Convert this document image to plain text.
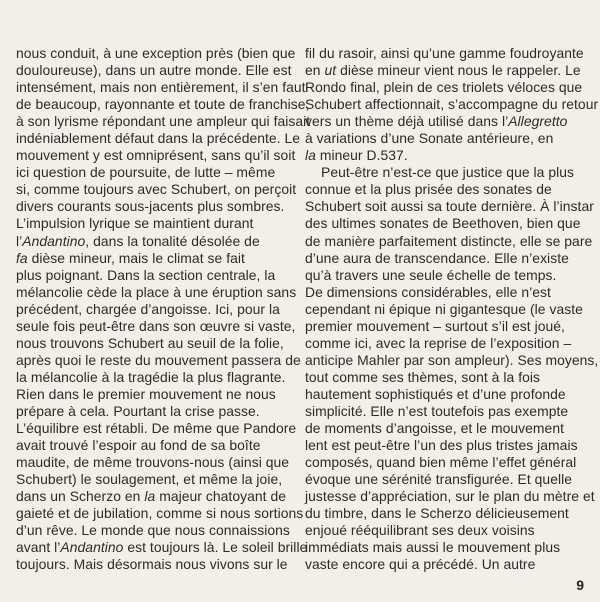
nous conduit, à une exception près (bien que
douloureuse), dans un autre monde. Elle est
intensément, mais non entièrement, il s’en faut
de beaucoup, rayonnante et toute de franchise,
à son lyrisme répondant une ampleur qui faisait
indéniablement défaut dans la précédente. Le
mouvement y est omniprésent, sans qu’il soit
ici question de poursuite, de lutte – même
si, comme toujours avec Schubert, on perçoit
divers courants sous-jacents plus sombres.
L’impulsion lyrique se maintient durant
l’Andantino, dans la tonalité désolée de
fa dièse mineur, mais le climat se fait
plus poignant. Dans la section centrale, la
mélancolie cède la place à une éruption sans
précédent, chargée d’angoisse. Ici, pour la
seule fois peut-être dans son œuvre si vaste,
nous trouvons Schubert au seuil de la folie,
après quoi le reste du mouvement passera de
la mélancolie à la tragédie la plus flagrante.
Rien dans le premier mouvement ne nous
prépare à cela. Pourtant la crise passe.
L’équilibre est rétabli. De même que Pandore
avait trouvé l’espoir au fond de sa boîte
maudite, de même trouvons-nous (ainsi que
Schubert) le soulagement, et même la joie,
dans un Scherzo en la majeur chatoyant de
gaieté et de jubilation, comme si nous sortions
d’un rêve. Le monde que nous connaissions
avant l’Andantino est toujours là. Le soleil brille
toujours. Mais désormais nous vivons sur le
fil du rasoir, ainsi qu’une gamme foudroyante
en ut dièse mineur vient nous le rappeler. Le
Rondo final, plein de ces triolets véloces que
Schubert affectionnait, s’accompagne du retour
vers un thème déjà utilisé dans l’Allegretto
à variations d’une Sonate antérieure, en
la mineur D.537.
Peut-être n’est-ce que justice que la plus
connue et la plus prisée des sonates de
Schubert soit aussi sa toute dernière. À l’instar
des ultimes sonates de Beethoven, bien que
de manière parfaitement distincte, elle se pare
d’une aura de transcendance. Elle n’existe
qu’à travers une seule échelle de temps.
De dimensions considérables, elle n’est
cependant ni épique ni gigantesque (le vaste
premier mouvement – surtout s’il est joué,
comme ici, avec la reprise de l’exposition –
anticipe Mahler par son ampleur). Ses moyens,
tout comme ses thèmes, sont à la fois
hautement sophistiqués et d’une profonde
simplicité. Elle n’est toutefois pas exempte
de moments d’angoisse, et le mouvement
lent est peut-être l’un des plus tristes jamais
composés, quand bien même l’effet général
évoque une sérénité transfigurée. Et quelle
justesse d’appréciation, sur le plan du mètre et
du timbre, dans le Scherzo délicieusement
enjoué rééquilibrant ses deux voisins
immédiats mais aussi le mouvement plus
vaste encore qui a précédé. Un autre
9
